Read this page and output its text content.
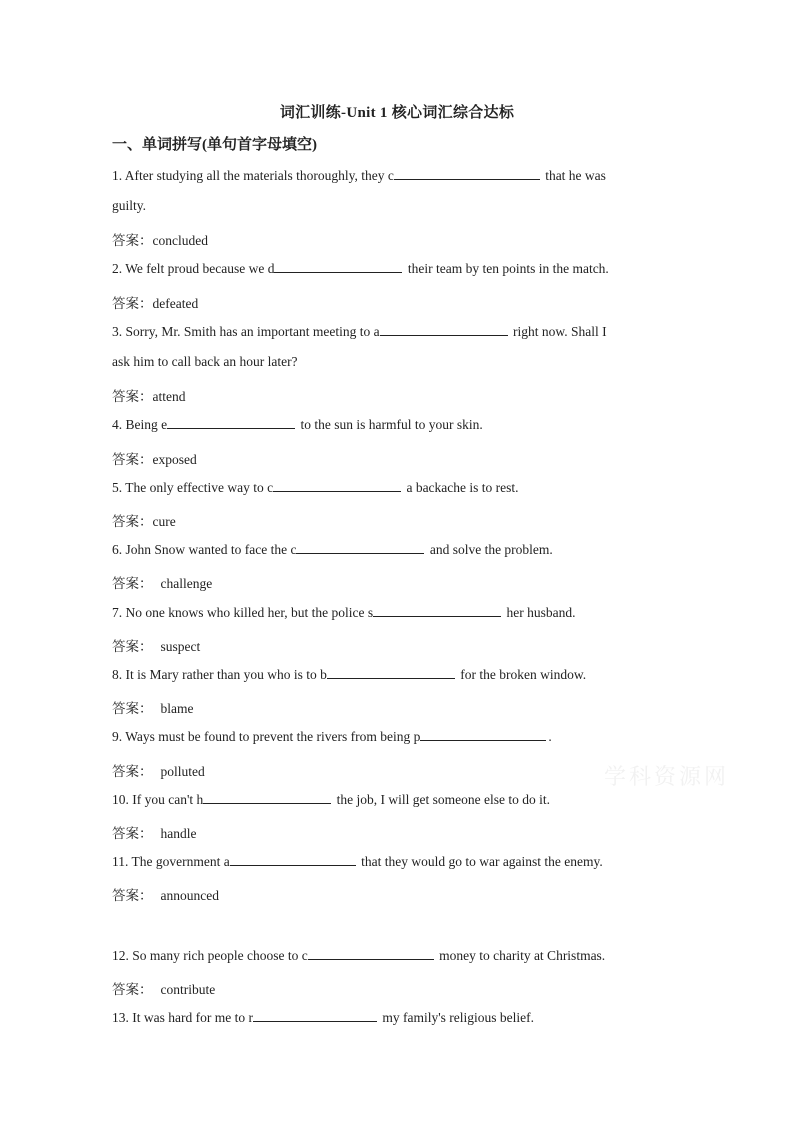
词汇训练-Unit 1 核心词汇综合达标
一、单词拼写(单句首字母填空)
1. After studying all the materials thoroughly, they c	that he was
guilty.
答案：concluded
2. We felt proud because we d	their team by ten points in the match.
答案：defeated
3. Sorry, Mr. Smith has an important meeting to a	right now. Shall I
ask him to call back an hour later?
答案：attend
4. Being e	to the sun is harmful to your skin.
答案：exposed
5. The only effective way to c	a backache is to rest.
答案：cure
6. John Snow wanted to face the c	and solve the problem.
答案： challenge
7. No one knows who killed her, but the police s	her husband.
答案： suspect
8. It is Mary rather than you who is to b	for the broken window.
答案： blame
9. Ways must be found to prevent the rivers from being p	.
答案： polluted
10. If you can't h	the job, I will get someone else to do it.
答案： handle
11. The government a	that they would go to war against the enemy.
答案： announced
12. So many rich people choose to c	money to charity at Christmas.
答案： contribute
13. It was hard for me to r	my family's religious belief.
学科资源网
